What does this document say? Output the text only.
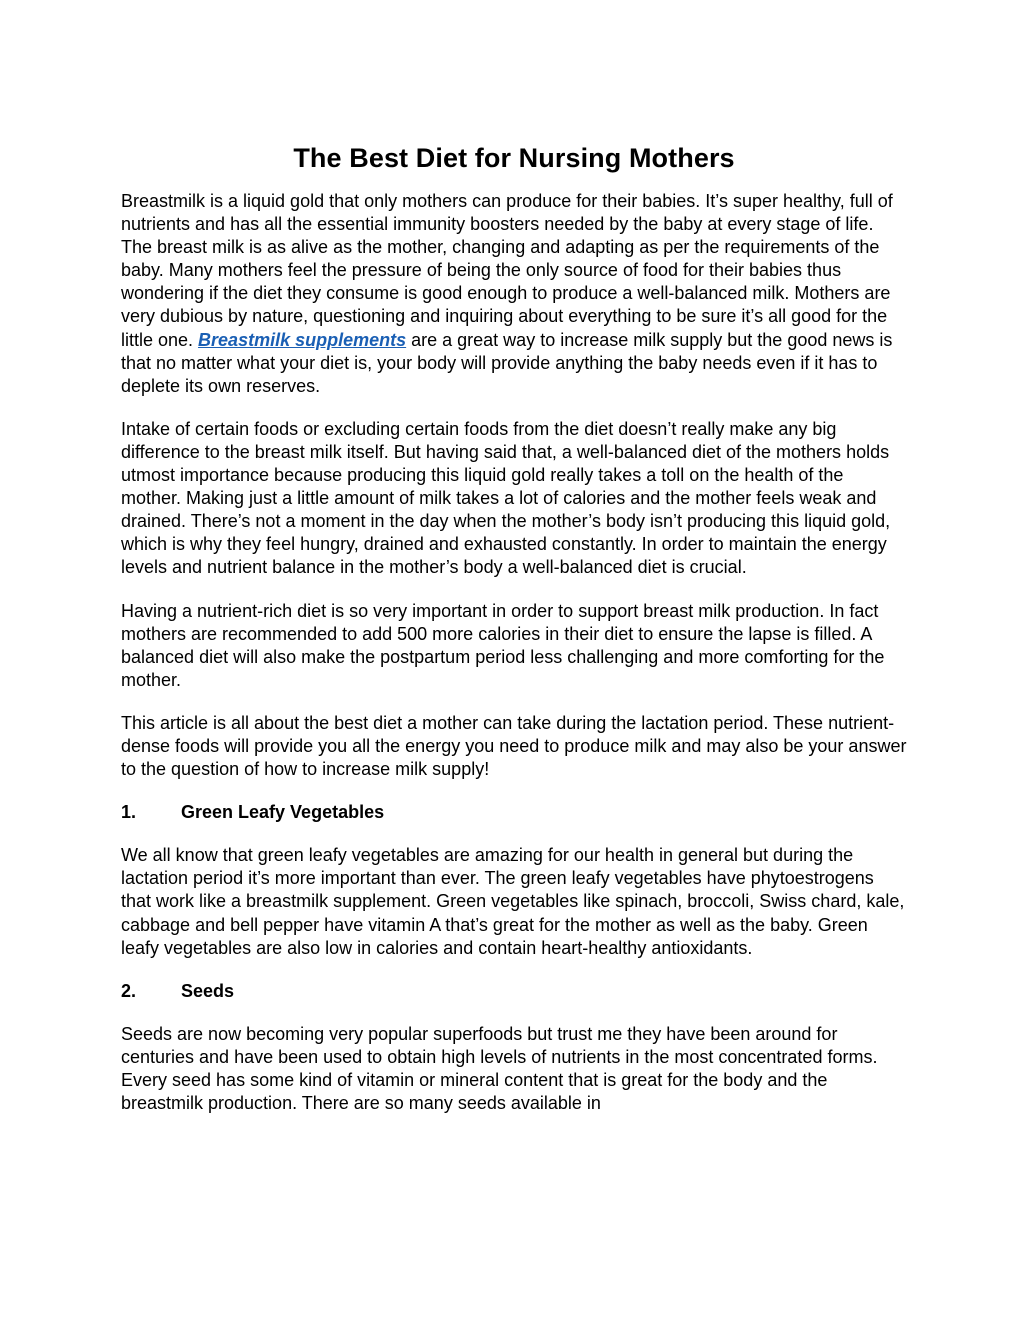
The Best Diet for Nursing Mothers

Breastmilk is a liquid gold that only mothers can produce for their babies. It’s super healthy, full of nutrients and has all the essential immunity boosters needed by the baby at every stage of life. The breast milk is as alive as the mother, changing and adapting as per the requirements of the baby. Many mothers feel the pressure of being the only source of food for their babies thus wondering if the diet they consume is good enough to produce a well-balanced milk. Mothers are very dubious by nature, questioning and inquiring about everything to be sure it’s all good for the little one. Breastmilk supplements are a great way to increase milk supply but the good news is that no matter what your diet is, your body will provide anything the baby needs even if it has to deplete its own reserves.

Intake of certain foods or excluding certain foods from the diet doesn’t really make any big difference to the breast milk itself. But having said that, a well-balanced diet of the mothers holds utmost importance because producing this liquid gold really takes a toll on the health of the mother. Making just a little amount of milk takes a lot of calories and the mother feels weak and drained. There’s not a moment in the day when the mother’s body isn’t producing this liquid gold, which is why they feel hungry, drained and exhausted constantly. In order to maintain the energy levels and nutrient balance in the mother’s body a well-balanced diet is crucial.

Having a nutrient-rich diet is so very important in order to support breast milk production. In fact mothers are recommended to add 500 more calories in their diet to ensure the lapse is filled. A balanced diet will also make the postpartum period less challenging and more comforting for the mother.

This article is all about the best diet a mother can take during the lactation period. These nutrient-dense foods will provide you all the energy you need to produce milk and may also be your answer to the question of how to increase milk supply!

1.	Green Leafy Vegetables

We all know that green leafy vegetables are amazing for our health in general but during the lactation period it’s more important than ever. The green leafy vegetables have phytoestrogens that work like a breastmilk supplement. Green vegetables like spinach, broccoli, Swiss chard, kale, cabbage and bell pepper have vitamin A that’s great for the mother as well as the baby. Green leafy vegetables are also low in calories and contain heart-healthy antioxidants.

2.	Seeds

Seeds are now becoming very popular superfoods but trust me they have been around for centuries and have been used to obtain high levels of nutrients in the most concentrated forms. Every seed has some kind of vitamin or mineral content that is great for the body and the breastmilk production. There are so many seeds available in
